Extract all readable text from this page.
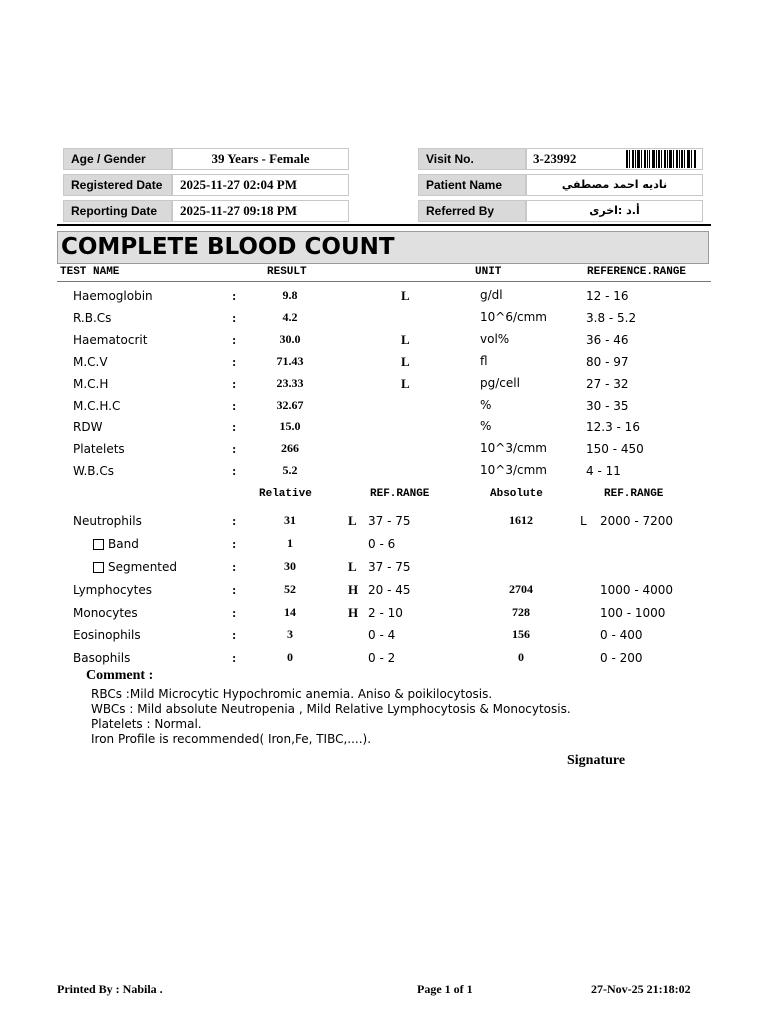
Age / Gender	39 Years - Female
Registered Date	2025-11-27 02:04 PM
Reporting Date	2025-11-27 09:18 PM
Visit No.	3-23992
Patient Name	نادیه احمد مصطفي
Referred By	أ.د :اخرى
COMPLETE BLOOD COUNT
TEST NAME	RESULT	UNIT	REFERENCE.RANGE
Haemoglobin	:	9.8	L	g/dl	12 - 16
R.B.Cs	:	4.2	10^6/cmm	3.8 - 5.2
Haematocrit	:	30.0	L	vol%	36 - 46
M.C.V	:	71.43	L	fl	80 - 97
M.C.H	:	23.33	L	pg/cell	27 - 32
M.C.H.C	:	32.67	%	30 - 35
RDW	:	15.0	%	12.3 - 16
Platelets	:	266	10^3/cmm	150 - 450
W.B.Cs	:	5.2	10^3/cmm	4 - 11
Relative	REF.RANGE	Absolute	REF.RANGE
Neutrophils	:	31	L 37 - 75	1612	L 2000 - 7200
Band	:	1	0 - 6
Segmented	:	30	L 37 - 75
Lymphocytes	:	52	H 20 - 45	2704	1000 - 4000
Monocytes	:	14	H 2 - 10	728	100 - 1000
Eosinophils	:	3	0 - 4	156	0 - 400
Basophils	:	0	0 - 2	0	0 - 200
Comment :
RBCs :Mild Microcytic Hypochromic anemia. Aniso & poikilocytosis.
WBCs : Mild absolute Neutropenia , Mild Relative Lymphocytosis & Monocytosis.
Platelets : Normal.
Iron Profile is recommended( Iron,Fe, TIBC,....).
Signature
Printed By : Nabila .	Page 1 of 1	27-Nov-25 21:18:02
